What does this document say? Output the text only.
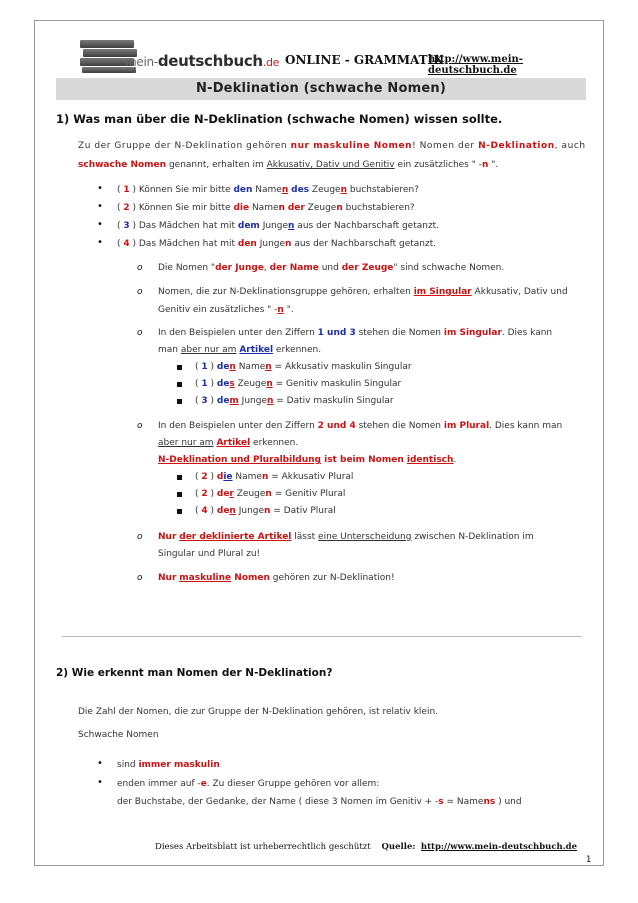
mein-deutschbuch.de ONLINE - GRAMMATIK
http://www.mein-deutschbuch.de
N-Deklination (schwache Nomen)
1) Was man über die N-Deklination (schwache Nomen) wissen sollte.
Zu der Gruppe der N-Deklination gehören nur maskuline Nomen! Nomen der N-Deklination, auch
schwache Nomen genannt, erhalten im Akkusativ, Dativ und Genitiv ein zusätzliches " -n ".
• ( 1 ) Können Sie mir bitte den Namen des Zeugen buchstabieren?
• ( 2 ) Können Sie mir bitte die Namen der Zeugen buchstabieren?
• ( 3 ) Das Mädchen hat mit dem Jungen aus der Nachbarschaft getanzt.
• ( 4 ) Das Mädchen hat mit den Jungen aus der Nachbarschaft getanzt.
o Die Nomen "der Junge, der Name und der Zeuge" sind schwache Nomen.
o Nomen, die zur N-Deklinationsgruppe gehören, erhalten im Singular Akkusativ, Dativ und
Genitiv ein zusätzliches " -n ".
o In den Beispielen unter den Ziffern 1 und 3 stehen die Nomen im Singular. Dies kann
man aber nur am Artikel erkennen.
( 1 ) den Namen = Akkusativ maskulin Singular
( 1 ) des Zeugen = Genitiv maskulin Singular
( 3 ) dem Jungen = Dativ maskulin Singular
o In den Beispielen unter den Ziffern 2 und 4 stehen die Nomen im Plural. Dies kann man
aber nur am Artikel erkennen.
N-Deklination und Pluralbildung ist beim Nomen identisch.
( 2 ) die Namen = Akkusativ Plural
( 2 ) der Zeugen = Genitiv Plural
( 4 ) den Jungen = Dativ Plural
o Nur der deklinierte Artikel lässt eine Unterscheidung zwischen N-Deklination im
Singular und Plural zu!
o Nur maskuline Nomen gehören zur N-Deklination!
2) Wie erkennt man Nomen der N-Deklination?
Die Zahl der Nomen, die zur Gruppe der N-Deklination gehören, ist relativ klein.
Schwache Nomen
• sind immer maskulin
• enden immer auf -e. Zu dieser Gruppe gehören vor allem:
der Buchstabe, der Gedanke, der Name ( diese 3 Nomen im Genitiv + -s = Namens ) und
Dieses Arbeitsblatt ist urheberrechtlich geschützt Quelle: http://www.mein-deutschbuch.de
1
